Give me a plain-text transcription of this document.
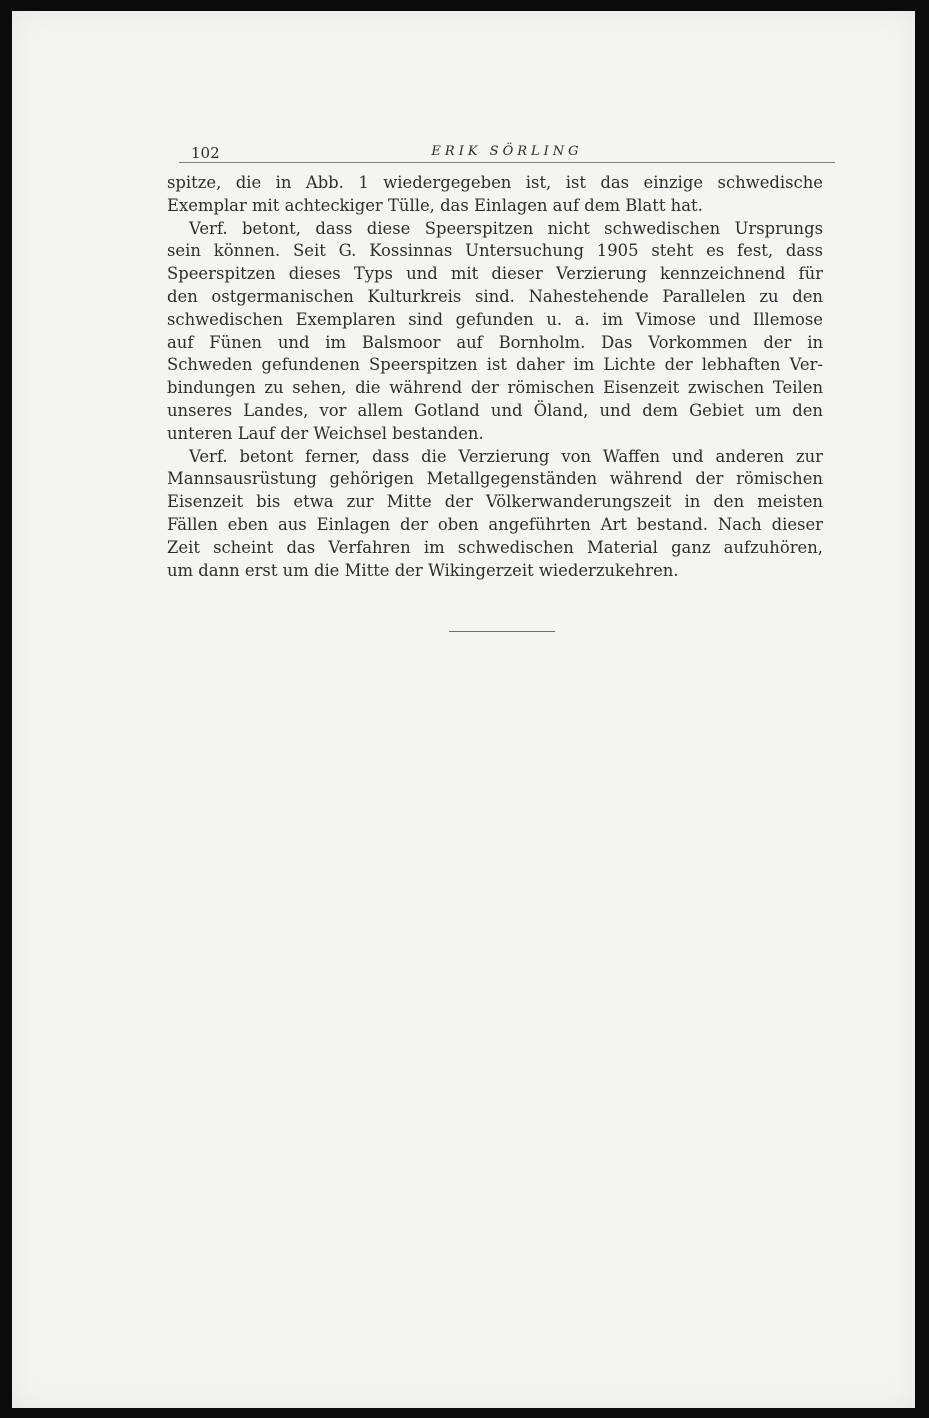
102	ERIK SÖRLING
spitze, die in Abb. 1 wiedergegeben ist, ist das einzige schwedische
Exemplar mit achteckiger Tülle, das Einlagen auf dem Blatt hat.
Verf. betont, dass diese Speerspitzen nicht schwedischen Ursprungs
sein können. Seit G. Kossinnas Untersuchung 1905 steht es fest, dass
Speerspitzen dieses Typs und mit dieser Verzierung kennzeichnend für
den ostgermanischen Kulturkreis sind. Nahestehende Parallelen zu den
schwedischen Exemplaren sind gefunden u. a. im Vimose und Illemose
auf Fünen und im Balsmoor auf Bornholm. Das Vorkommen der in
Schweden gefundenen Speerspitzen ist daher im Lichte der lebhaften Ver-
bindungen zu sehen, die während der römischen Eisenzeit zwischen Teilen
unseres Landes, vor allem Gotland und Öland, und dem Gebiet um den
unteren Lauf der Weichsel bestanden.
Verf. betont ferner, dass die Verzierung von Waffen und anderen zur
Mannsausrüstung gehörigen Metallgegenständen während der römischen
Eisenzeit bis etwa zur Mitte der Völkerwanderungszeit in den meisten
Fällen eben aus Einlagen der oben angeführten Art bestand. Nach dieser
Zeit scheint das Verfahren im schwedischen Material ganz aufzuhören,
um dann erst um die Mitte der Wikingerzeit wiederzukehren.
